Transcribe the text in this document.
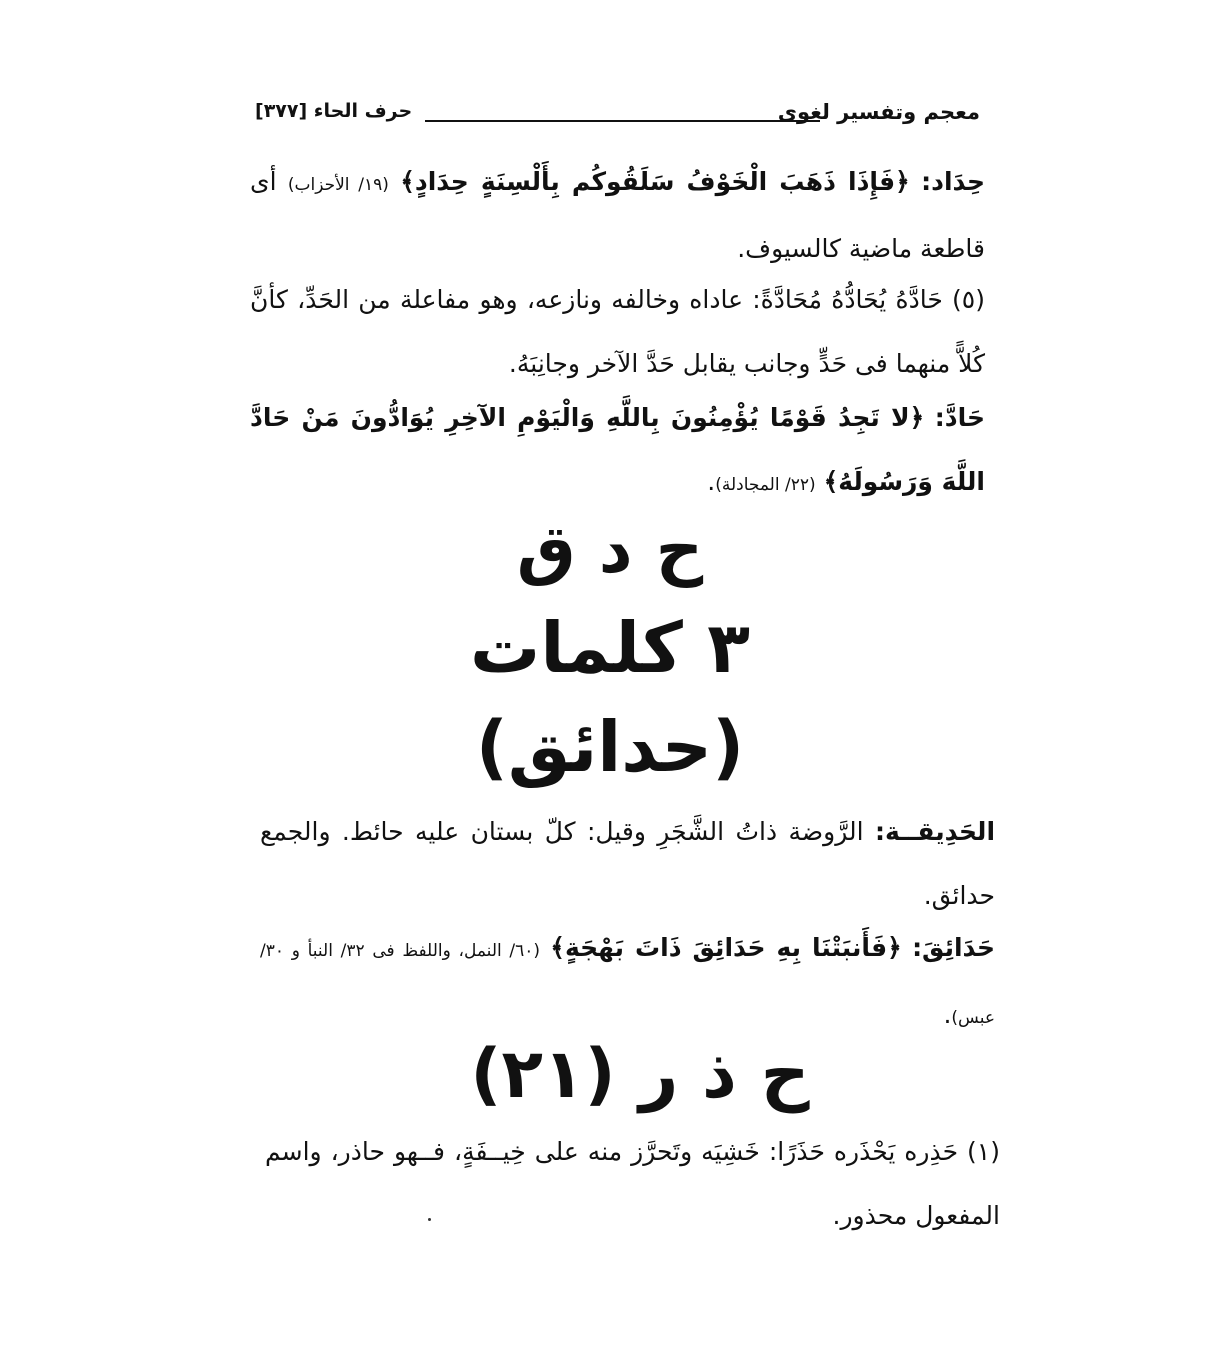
معجم وتفسير لغوى
حرف الحاء [٣٧٧]
حِدَاد: ﴿فَإِذَا ذَهَبَ الْخَوْفُ سَلَقُوكُم بِأَلْسِنَةٍ حِدَادٍ﴾ (١٩/ الأحزاب) أى قاطعة ماضية كالسيوف.
(٥) حَادَّهُ يُحَادُّهُ مُحَادَّةً: عاداه وخالفه ونازعه، وهو مفاعلة من الحَدِّ، كأنَّ كُلاًّ منهما فى حَدٍّ وجانب يقابل حَدَّ الآخر وجانِبَهُ.
حَادَّ: ﴿لا تَجِدُ قَوْمًا يُؤْمِنُونَ بِاللَّهِ وَالْيَوْمِ الآخِرِ يُوَادُّونَ مَنْ حَادَّ اللَّهَ وَرَسُولَهُ﴾ (٢٢/ المجادلة).
ح د ق
٣ كلمات
(حدائق)
الحَدِيقــة: الرَّوضة ذاتُ الشَّجَرِ وقيل: كلّ بستان عليه حائط. والجمع حدائق.
حَدَائِقَ: ﴿فَأَنبَتْنَا بِهِ حَدَائِقَ ذَاتَ بَهْجَةٍ﴾ (٦٠/ النمل، واللفظ فى ٣٢/ النبأ و ٣٠/ عبس).
ح ذ ر (٢١)
(١) حَذِره يَحْذَره حَذَرًا: خَشِيَه وتَحرَّز منه على خِيــفَةٍ، فــهو حاذر، واسم المفعول محذور.
